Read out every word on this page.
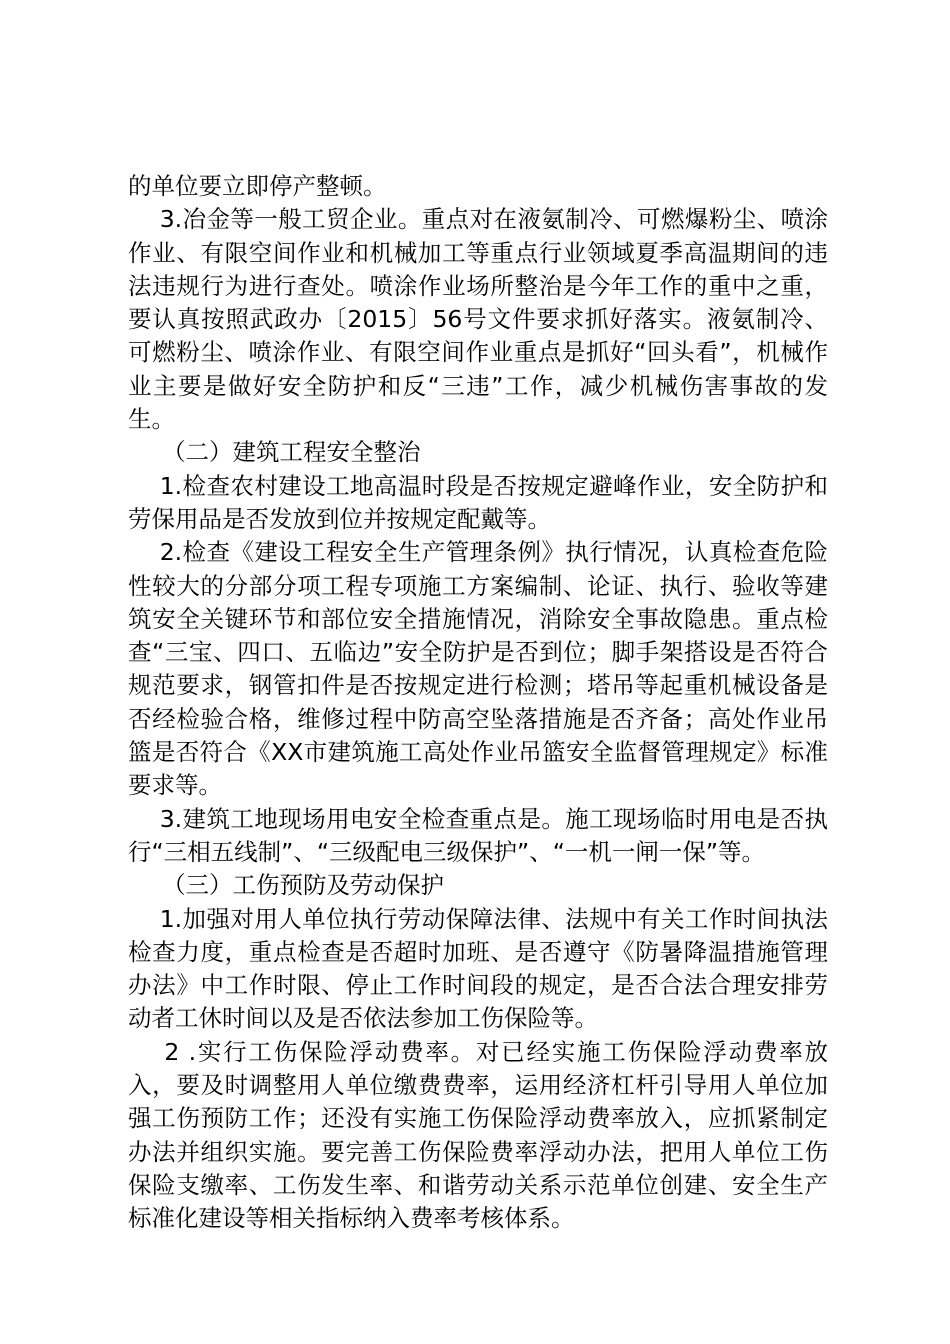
的单位要立即停产整顿。

3.冶金等一般工贸企业。重点对在液氨制冷、可燃爆粉尘、喷涂作业、有限空间作业和机械加工等重点行业领域夏季高温期间的违法违规行为进行查处。喷涂作业场所整治是今年工作的重中之重，要认真按照武政办〔2015〕56号文件要求抓好落实。液氨制冷、可燃粉尘、喷涂作业、有限空间作业重点是抓好“回头看”，机械作业主要是做好安全防护和反“三违”工作，减少机械伤害事故的发生。

（二）建筑工程安全整治

1.检查农村建设工地高温时段是否按规定避峰作业，安全防护和劳保用品是否发放到位并按规定配戴等。

2.检查《建设工程安全生产管理条例》执行情况，认真检查危险性较大的分部分项工程专项施工方案编制、论证、执行、验收等建筑安全关键环节和部位安全措施情况，消除安全事故隐患。重点检查“三宝、四口、五临边”安全防护是否到位；脚手架搭设是否符合规范要求，钢管扣件是否按规定进行检测；塔吊等起重机械设备是否经检验合格，维修过程中防高空坠落措施是否齐备；高处作业吊篮是否符合《XX市建筑施工高处作业吊篮安全监督管理规定》标准要求等。

3.建筑工地现场用电安全检查重点是。施工现场临时用电是否执行“三相五线制”、“三级配电三级保护”、“一机一闸一保”等。

（三）工伤预防及劳动保护

1.加强对用人单位执行劳动保障法律、法规中有关工作时间执法检查力度，重点检查是否超时加班、是否遵守《防暑降温措施管理办法》中工作时限、停止工作时间段的规定，是否合法合理安排劳动者工休时间以及是否依法参加工伤保险等。

2 .实行工伤保险浮动费率。对已经实施工伤保险浮动费率放入，要及时调整用人单位缴费费率，运用经济杠杆引导用人单位加强工伤预防工作；还没有实施工伤保险浮动费率放入，应抓紧制定办法并组织实施。要完善工伤保险费率浮动办法，把用人单位工伤保险支缴率、工伤发生率、和谐劳动关系示范单位创建、安全生产标准化建设等相关指标纳入费率考核体系。
